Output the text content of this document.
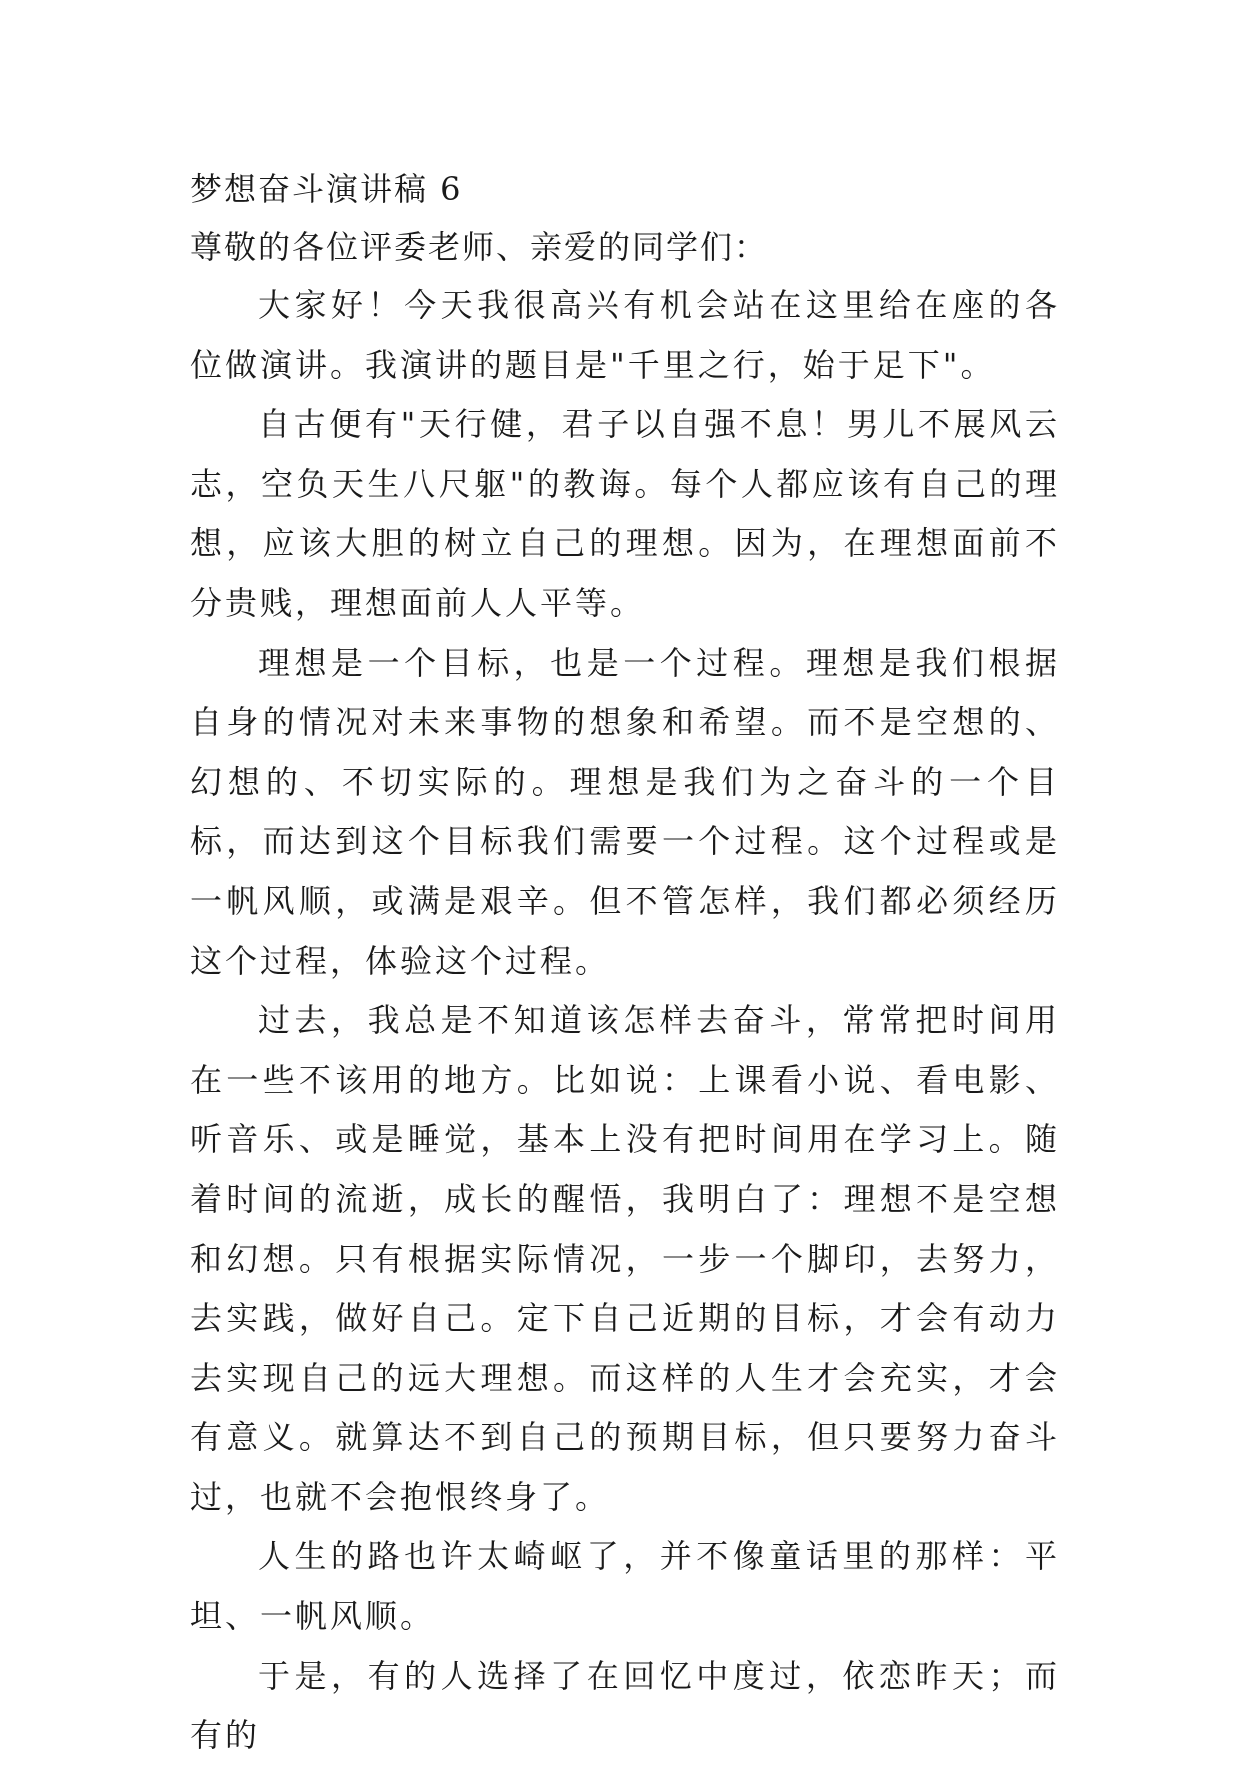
梦想奋斗演讲稿 6
尊敬的各位评委老师、亲爱的同学们：

大家好！今天我很高兴有机会站在这里给在座的各位做演讲。我演讲的题目是"千里之行，始于足下"。

自古便有"天行健，君子以自强不息！男儿不展风云志，空负天生八尺躯"的教诲。每个人都应该有自己的理想，应该大胆的树立自己的理想。因为，在理想面前不分贵贱，理想面前人人平等。

理想是一个目标，也是一个过程。理想是我们根据自身的情况对未来事物的想象和希望。而不是空想的、幻想的、不切实际的。理想是我们为之奋斗的一个目标，而达到这个目标我们需要一个过程。这个过程或是一帆风顺，或满是艰辛。但不管怎样，我们都必须经历这个过程，体验这个过程。

过去，我总是不知道该怎样去奋斗，常常把时间用在一些不该用的地方。比如说：上课看小说、看电影、听音乐、或是睡觉，基本上没有把时间用在学习上。随着时间的流逝，成长的醒悟，我明白了：理想不是空想和幻想。只有根据实际情况，一步一个脚印，去努力，去实践，做好自己。定下自己近期的目标，才会有动力去实现自己的远大理想。而这样的人生才会充实，才会有意义。就算达不到自己的预期目标，但只要努力奋斗过，也就不会抱恨终身了。

人生的路也许太崎岖了，并不像童话里的那样：平坦、一帆风顺。

于是，有的人选择了在回忆中度过，依恋昨天；而有的
